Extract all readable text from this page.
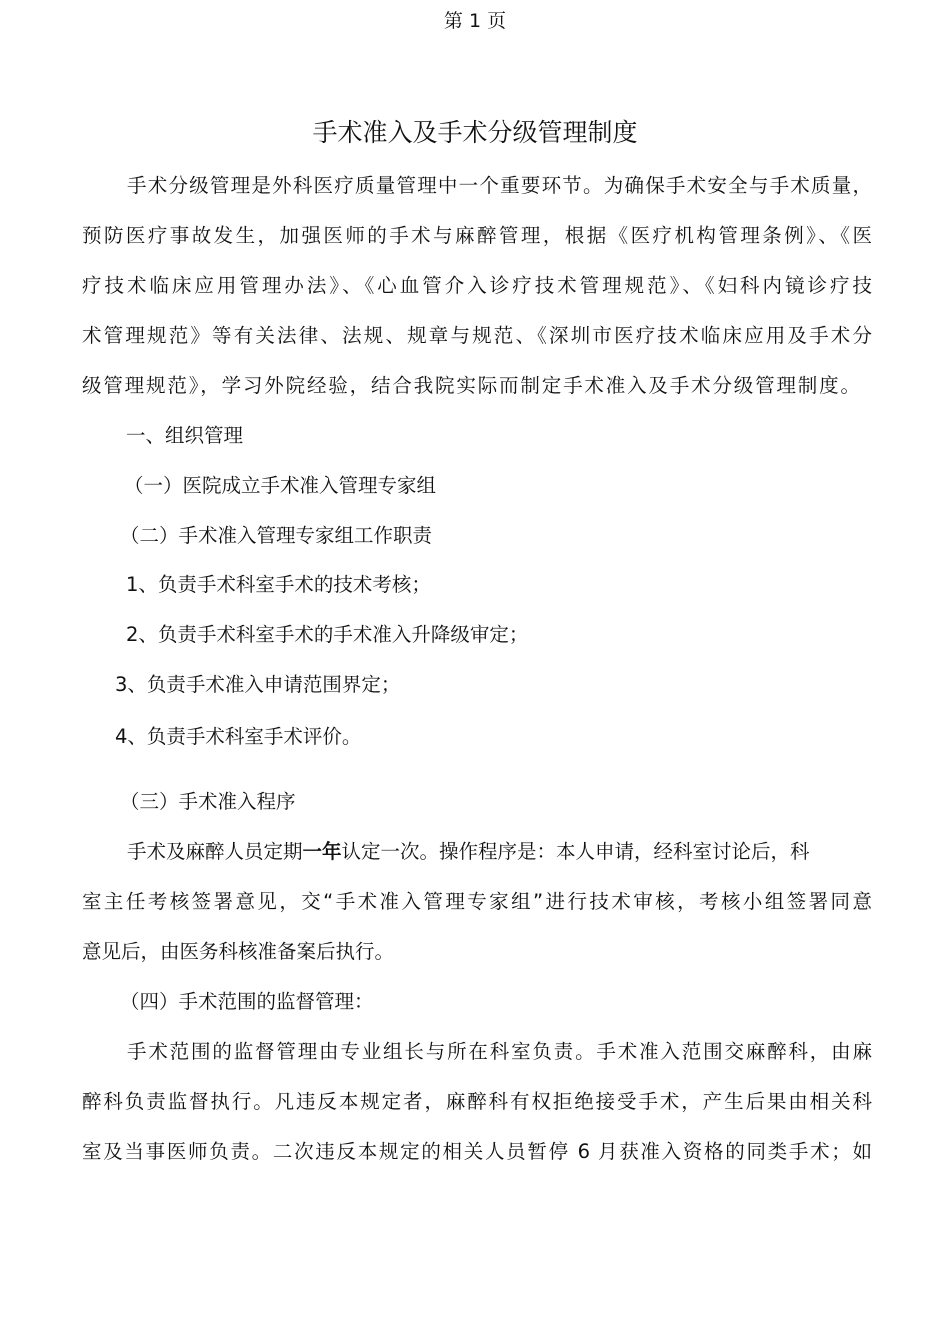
第 1 页
手术准入及手术分级管理制度
手术分级管理是外科医疗质量管理中一个重要环节。为确保手术安全与手术质量，
预防医疗事故发生，加强医师的手术与麻醉管理，根据《医疗机构管理条例》、《医
疗技术临床应用管理办法》、《心血管介入诊疗技术管理规范》、《妇科内镜诊疗技
术管理规范》等有关法律、法规、规章与规范、《深圳市医疗技术临床应用及手术分
级管理规范》，学习外院经验，结合我院实际而制定手术准入及手术分级管理制度。
一、组织管理
（一）医院成立手术准入管理专家组
（二）手术准入管理专家组工作职责
1、负责手术科室手术的技术考核；
2、负责手术科室手术的手术准入升降级审定；
3、负责手术准入申请范围界定；
4、负责手术科室手术评价。
（三）手术准入程序
手术及麻醉人员定期一年认定一次。操作程序是：本人申请，经科室讨论后，科
室主任考核签署意见，交“手术准入管理专家组”进行技术审核，考核小组签署同意
意见后，由医务科核准备案后执行。
（四）手术范围的监督管理：
手术范围的监督管理由专业组长与所在科室负责。手术准入范围交麻醉科，由麻
醉科负责监督执行。凡违反本规定者，麻醉科有权拒绝接受手术，产生后果由相关科
室及当事医师负责。二次违反本规定的相关人员暂停 6 月获准入资格的同类手术；如
